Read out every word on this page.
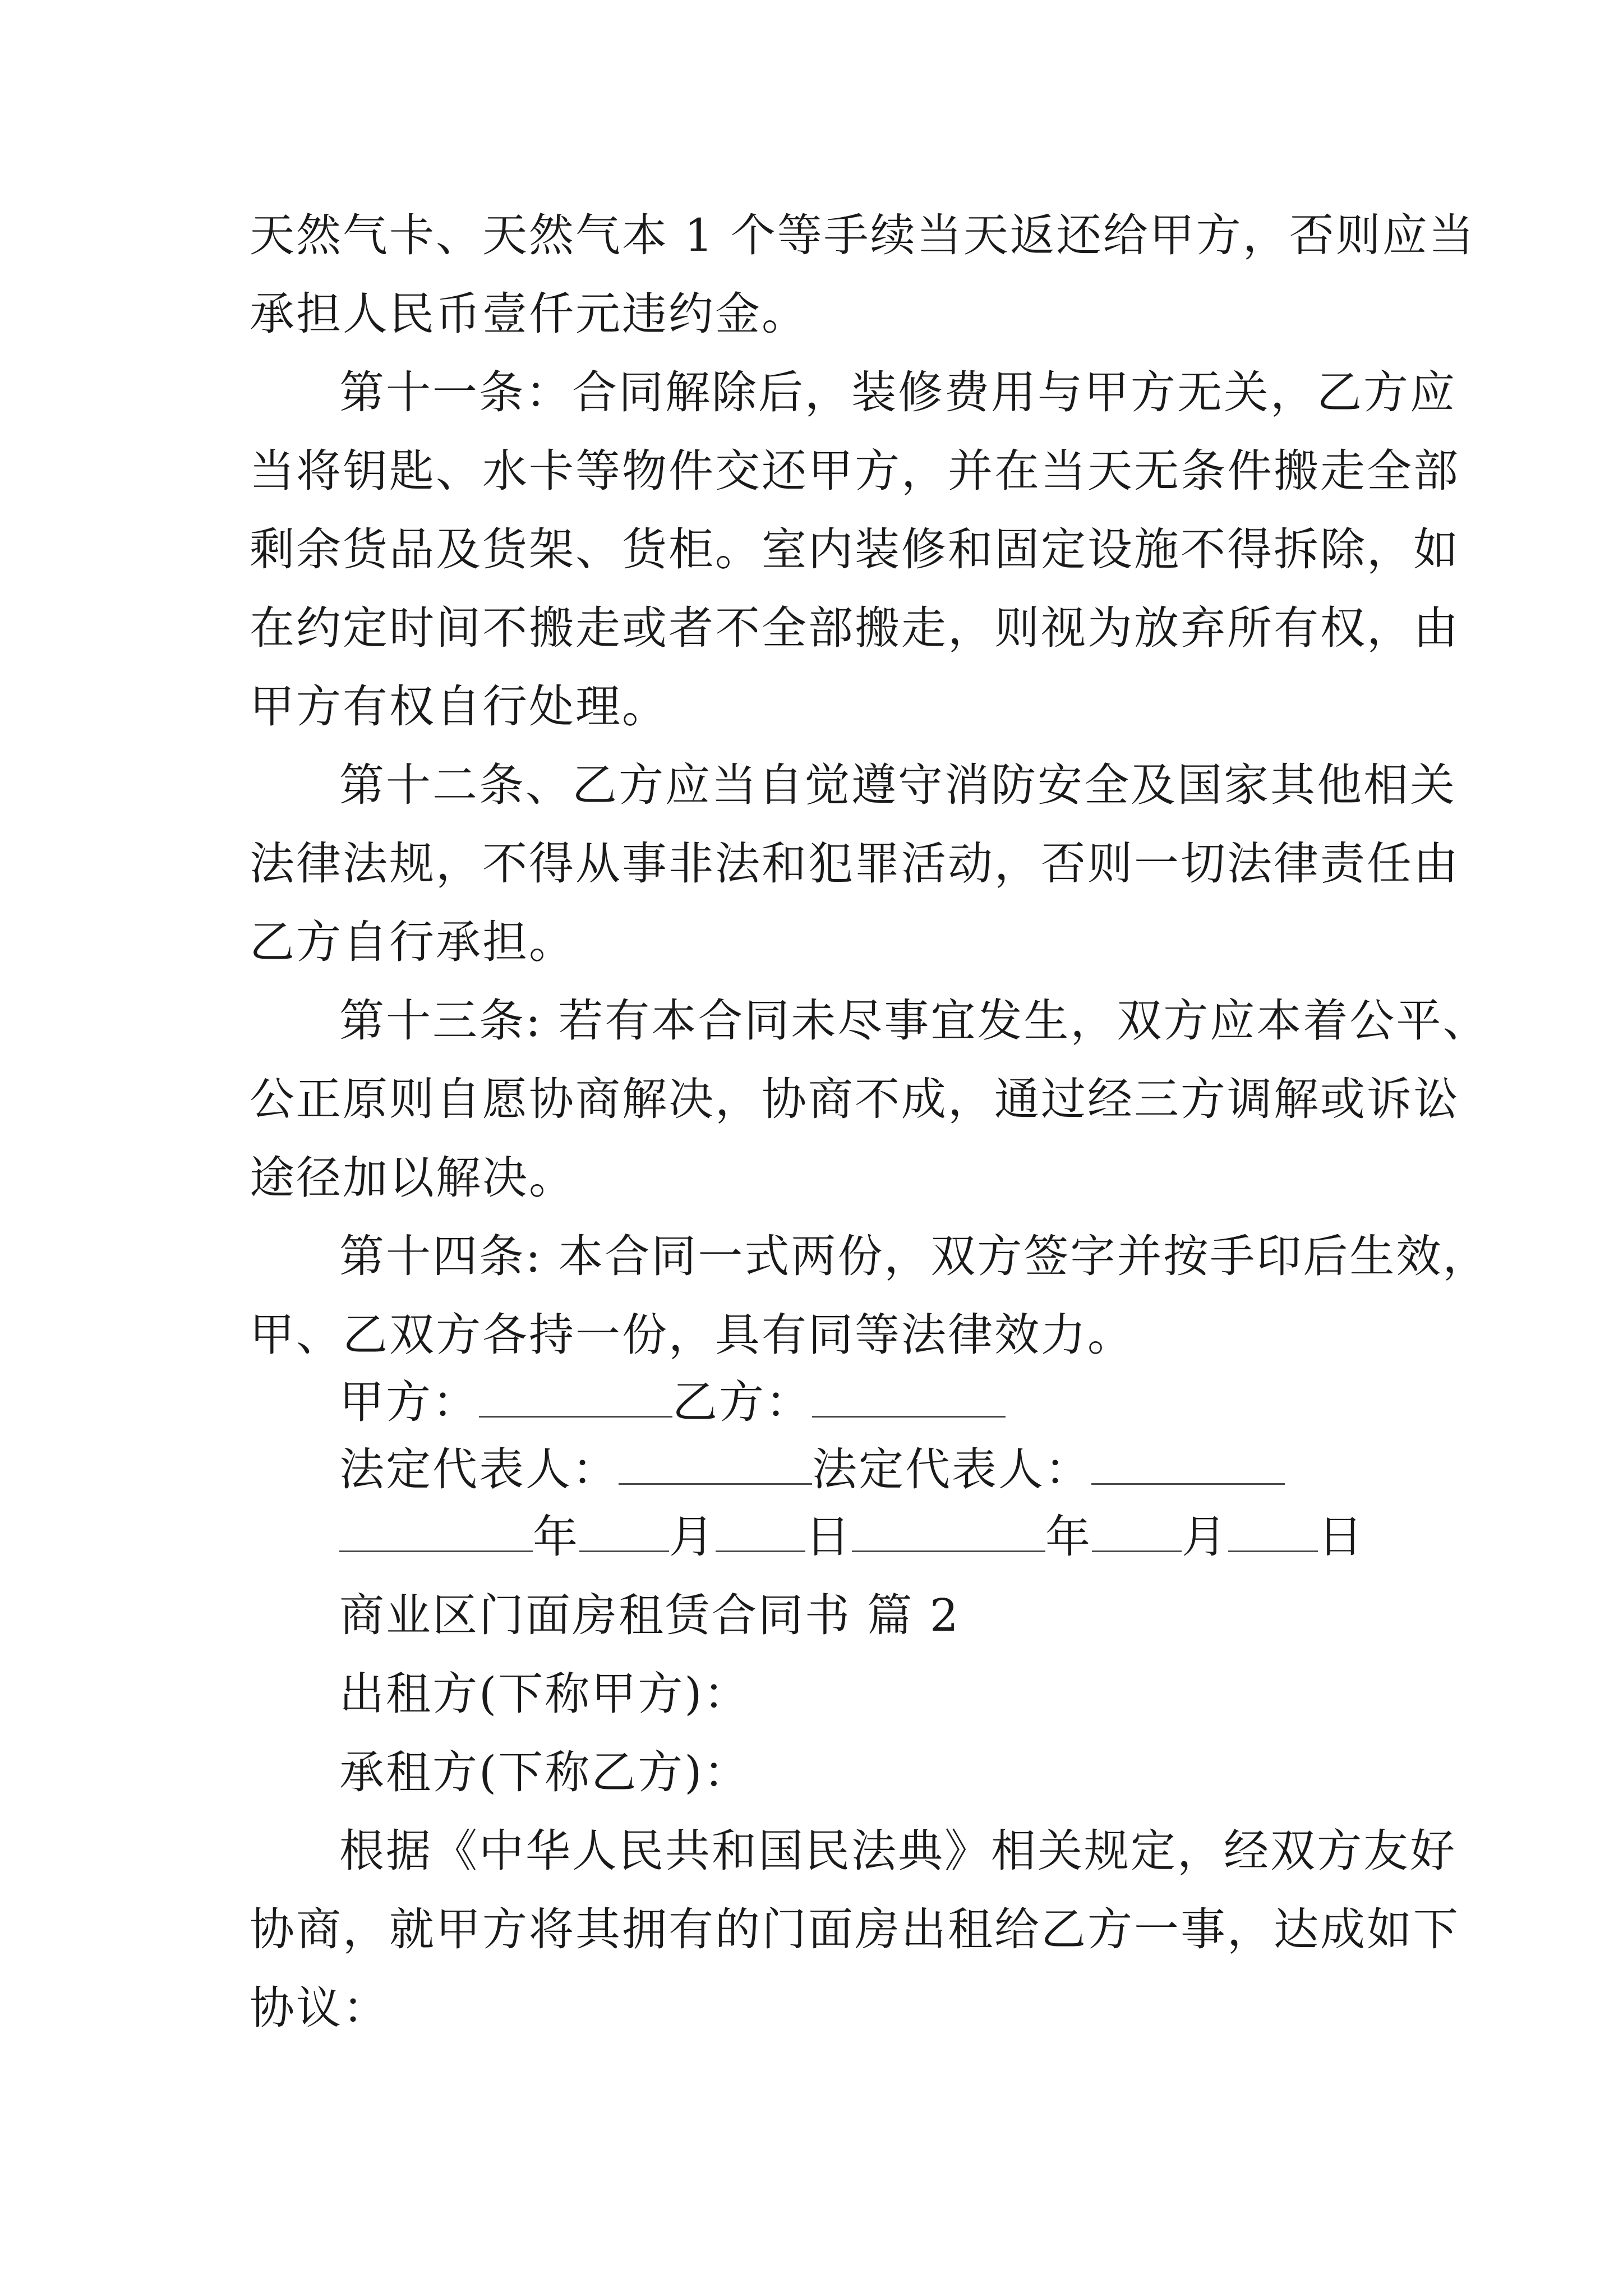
天然气卡、天然气本 1 个等手续当天返还给甲方，否则应当
承担人民币壹仟元违约金。
第十一条：合同解除后，装修费用与甲方无关，乙方应
当将钥匙、水卡等物件交还甲方，并在当天无条件搬走全部
剩余货品及货架、货柜。室内装修和固定设施不得拆除，如
在约定时间不搬走或者不全部搬走，则视为放弃所有权，由
甲方有权自行处理。
第十二条、乙方应当自觉遵守消防安全及国家其他相关
法律法规，不得从事非法和犯罪活动，否则一切法律责任由
乙方自行承担。
第十三条: 若有本合同未尽事宜发生，双方应本着公平、
公正原则自愿协商解决，协商不成，通过经三方调解或诉讼
途径加以解决。
第十四条: 本合同一式两份，双方签字并按手印后生效，
甲、乙双方各持一份，具有同等法律效力。
甲方：	乙方：
法定代表人：	法定代表人：
年 月 日	年 月 日
商业区门面房租赁合同书 篇 2
出租方(下称甲方)：
承租方(下称乙方)：
根据《中华人民共和国民法典》相关规定，经双方友好
协商，就甲方将其拥有的门面房出租给乙方一事，达成如下
协议：
